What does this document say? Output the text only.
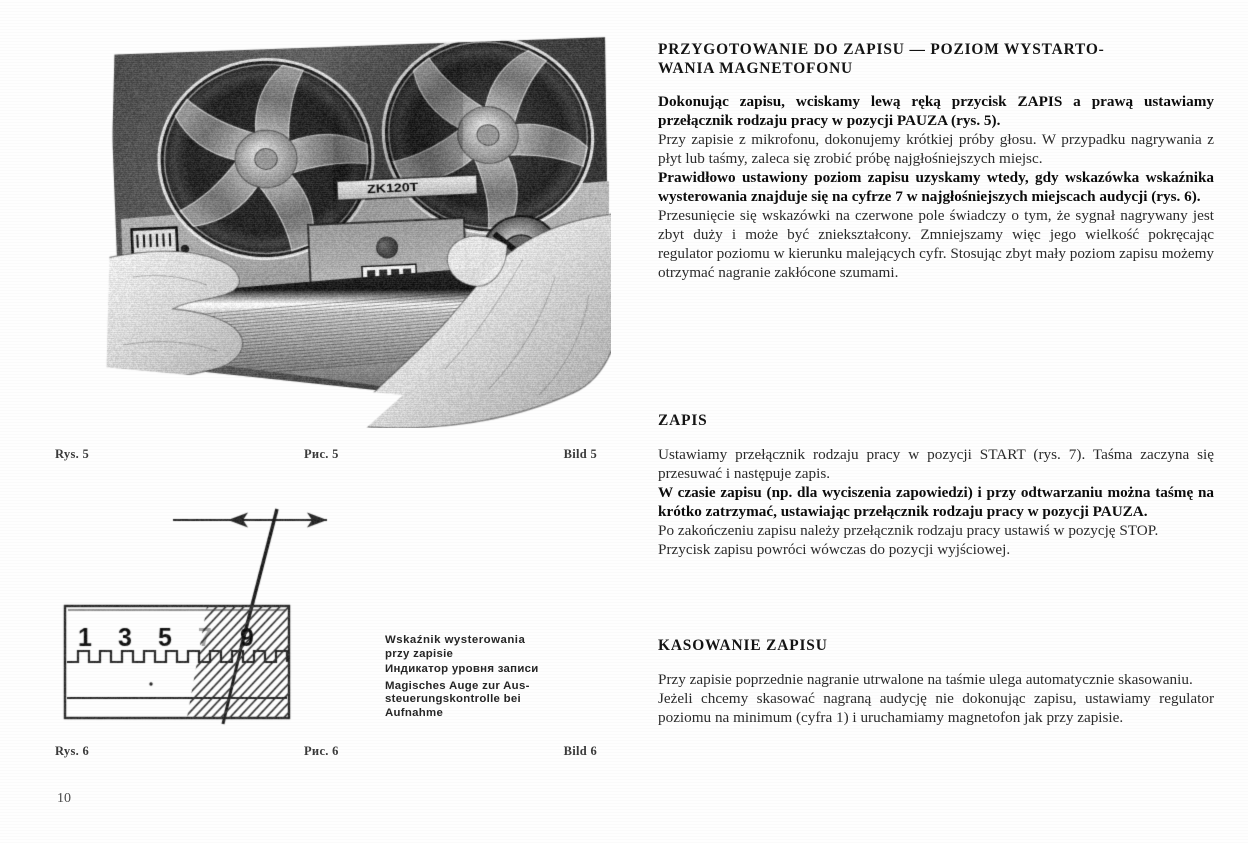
Rys. 5	Рис. 5	Bild 5
Wskaźnik wysterowania
przy zapisie
Индикатор уровня записи
Magisches Auge zur Aus-
steuerungskontrolle bei
Aufnahme
Rys. 6	Рис. 6	Bild 6
10
PRZYGOTOWANIE DO ZAPISU — POZIOM WYSTARTO-
WANIA MAGNETOFONU

Dokonując zapisu, wciskamy lewą ręką przycisk ZAPIS a prawą ustawiamy przełącznik rodzaju pracy w pozycji PAUZA (rys. 5).

Przy zapisie z mikrofonu, dokonujemy krótkiej próby głosu. W przypadku nagrywania z płyt lub taśmy, zaleca się zrobić próbę najgłośniejszych miejsc.

Prawidłowo ustawiony poziom zapisu uzyskamy wtedy, gdy wskazówka wskaźnika wysterowania znajduje się na cyfrze 7 w najgłośniejszych miejscach audycji (rys. 6).

Przesunięcie się wskazówki na czerwone pole świadczy o tym, że sygnał nagrywany jest zbyt duży i może być zniekształcony. Zmniejszamy więc jego wielkość pokręcając regulator poziomu w kierunku malejących cyfr. Stosując zbyt mały poziom zapisu możemy otrzymać nagranie zakłócone szumami.

ZAPIS

Ustawiamy przełącznik rodzaju pracy w pozycji START (rys. 7). Taśma zaczyna się przesuwać i następuje zapis.

W czasie zapisu (np. dla wyciszenia zapowiedzi) i przy odtwarzaniu można taśmę na krótko zatrzymać, ustawiając przełącznik rodzaju pracy w pozycji PAUZA.

Po zakończeniu zapisu należy przełącznik rodzaju pracy ustawiś w pozycję STOP.

Przycisk zapisu powróci wówczas do pozycji wyjściowej.

KASOWANIE ZAPISU

Przy zapisie poprzednie nagranie utrwalone na taśmie ulega automatycznie skasowaniu.

Jeżeli chcemy skasować nagraną audycję nie dokonując zapisu, ustawiamy regulator poziomu na minimum (cyfra 1) i uruchamiamy magnetofon jak przy zapisie.
